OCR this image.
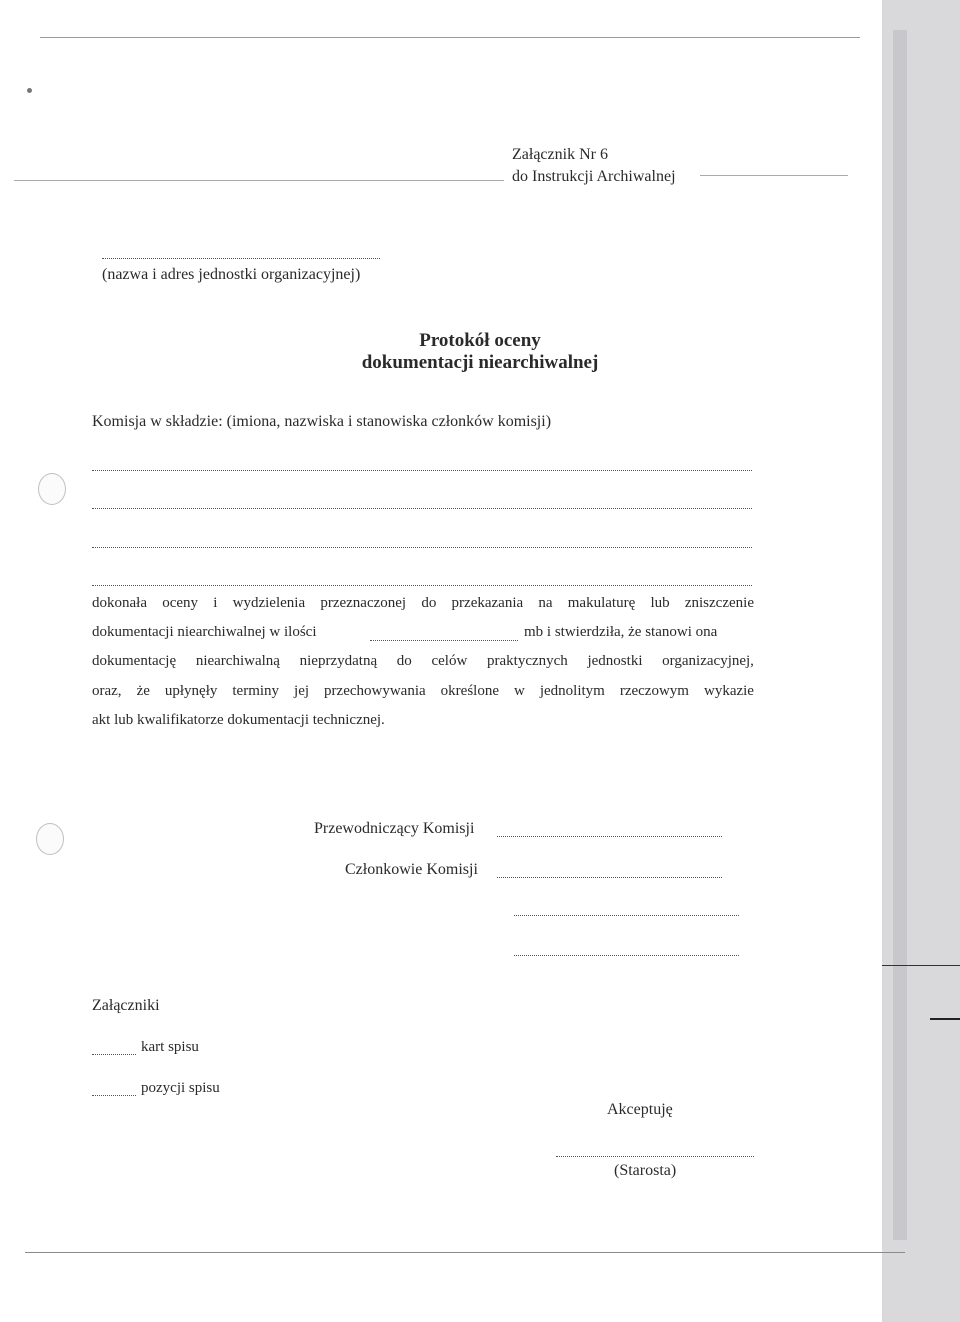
Załącznik Nr 6
do Instrukcji Archiwalnej
(nazwa i adres jednostki organizacyjnej)
Protokół oceny
dokumentacji niearchiwalnej
Komisja w składzie: (imiona, nazwiska i stanowiska członków komisji)
dokonała oceny i wydzielenia przeznaczonej do przekazania na makulaturę lub zniszczenie
dokumentacji niearchiwalnej w ilości	mb i stwierdziła, że stanowi ona
dokumentację niearchiwalną nieprzydatną do celów praktycznych jednostki organizacyjnej,
oraz, że upłynęły terminy jej przechowywania określone w jednolitym rzeczowym wykazie
akt lub kwalifikatorze dokumentacji technicznej.
Przewodniczący Komisji
Członkowie Komisji
Załączniki
kart spisu
pozycji spisu
Akceptuję
(Starosta)
